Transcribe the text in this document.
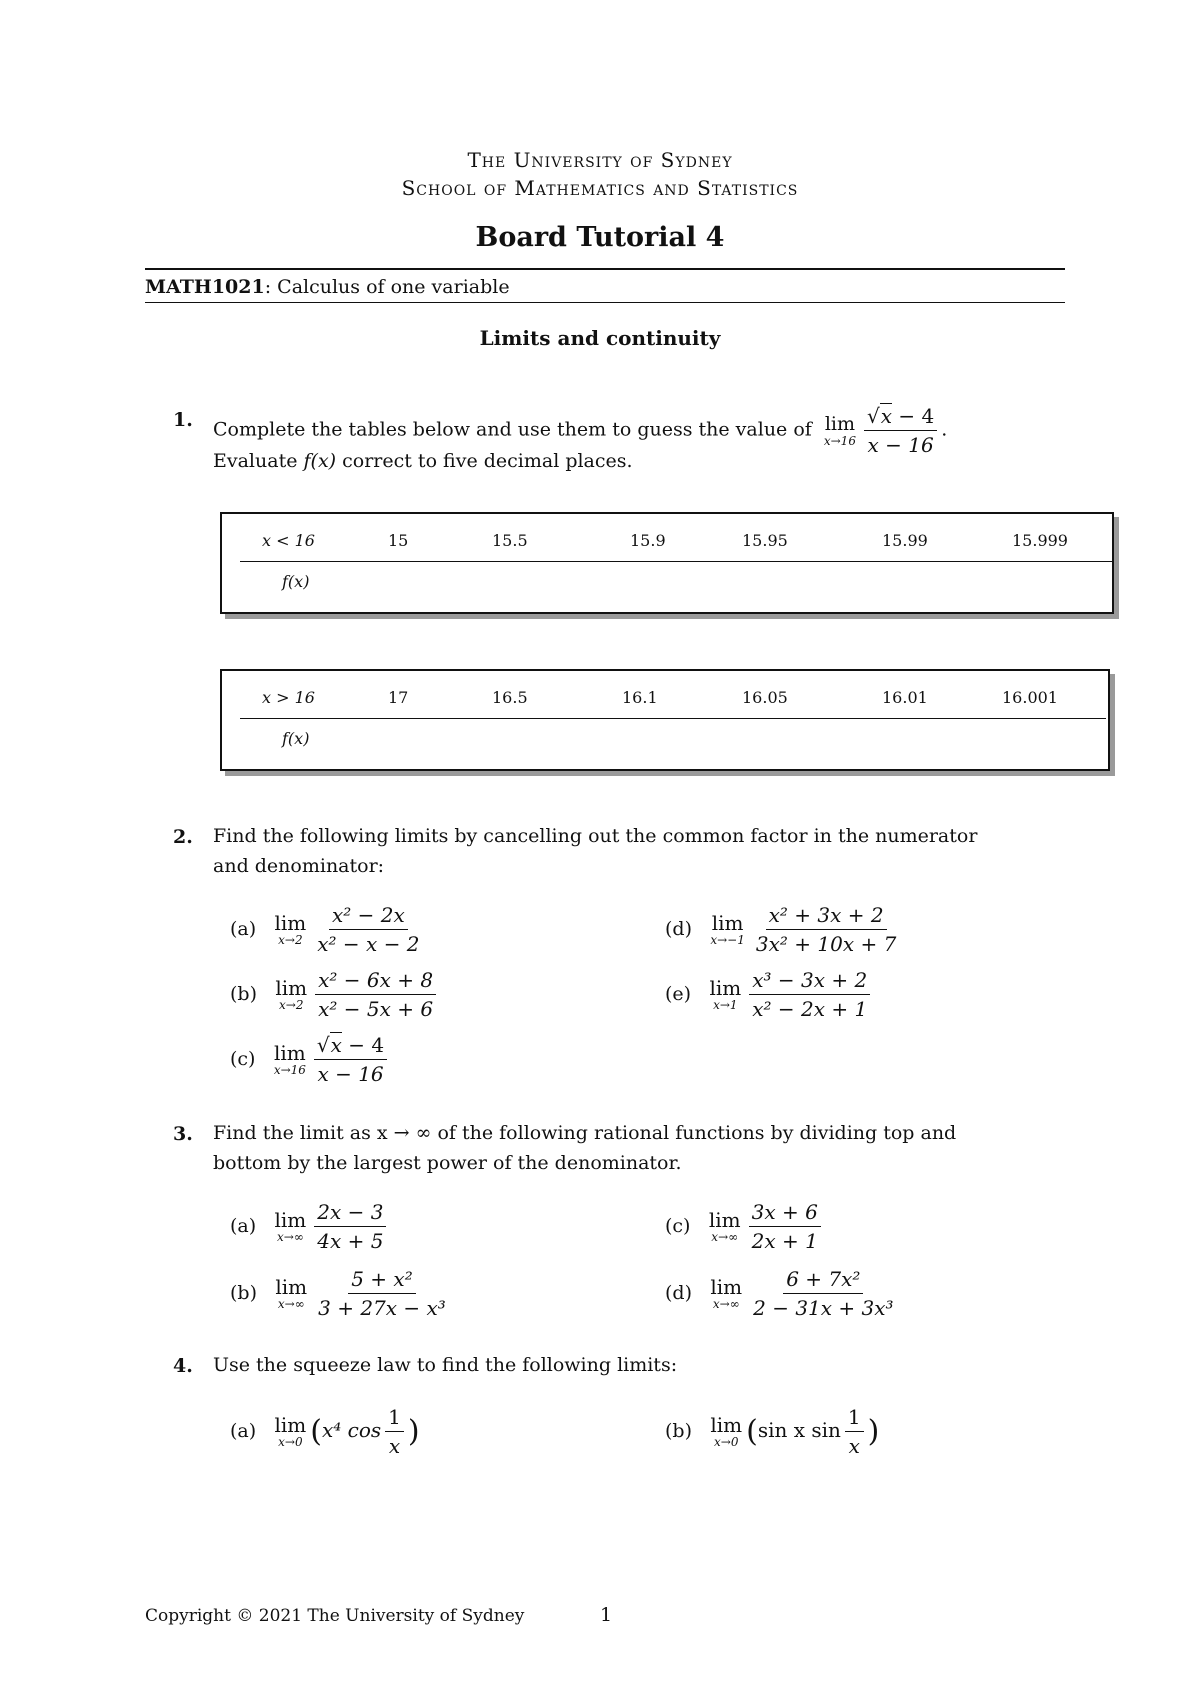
The University of Sydney
School of Mathematics and Statistics
Board Tutorial 4
MATH1021: Calculus of one variable
Limits and continuity
1. Complete the tables below and use them to guess the value of lim
$x\to 16 \frac{√x - 4}{x - 16}$ .
Evaluate f(x) correct to five decimal places.
x < 16	15	15.5	15.9	15.95	15.99	15.999
f(x)
x > 16	17	16.5	16.1	16.05	16.01	16.001
f(x)
2. Find the following limits by cancelling out the common factor in the numerator
and denominator:
(a) lim
$x\to 2 \frac{\text{x² − 2x}}{\text{x² − x − 2}}$
(b) lim
$x\to 2 \frac{\text{x² − 6x + 8}}{\text{x² − 5x + 6}}$
(c) lim
$x\to 16 \frac{√x - 4}{x - 16}$
(d) lim
$x\to-1 \frac{\text{x² + 3x + 2}}{\text{3x² + 10x + 7}}$
(e) lim
$x\to 1 \frac{\text{x³ − 3x + 2}}{\text{x² − 2x + 1}}$
3. Find the limit as x → ∞ of the following rational functions by dividing top and
bottom by the largest power of the denominator.
(a) lim
$x\to\infty \frac{2x - 3}{4x + 5}$
(b) lim
$x\to\infty \frac{\text{5 + x²}}{\text{3 + 27x − x³}}$
(c) lim
$x\to\infty \frac{3x + 6}{2x + 1}$
(d) lim
$x\to\infty \frac{\text{6 + 7x²}}{\text{2 − 31x + 3x³}}$
4. Use the squeeze law to find the following limits:
(a) lim
x→0 (x⁴ $\cos \frac{1}{x}$ )	(b) lim
x→0 (sin x $\sin \frac{1}{x}$ )
Copyright © 2021 The University of Sydney	1
